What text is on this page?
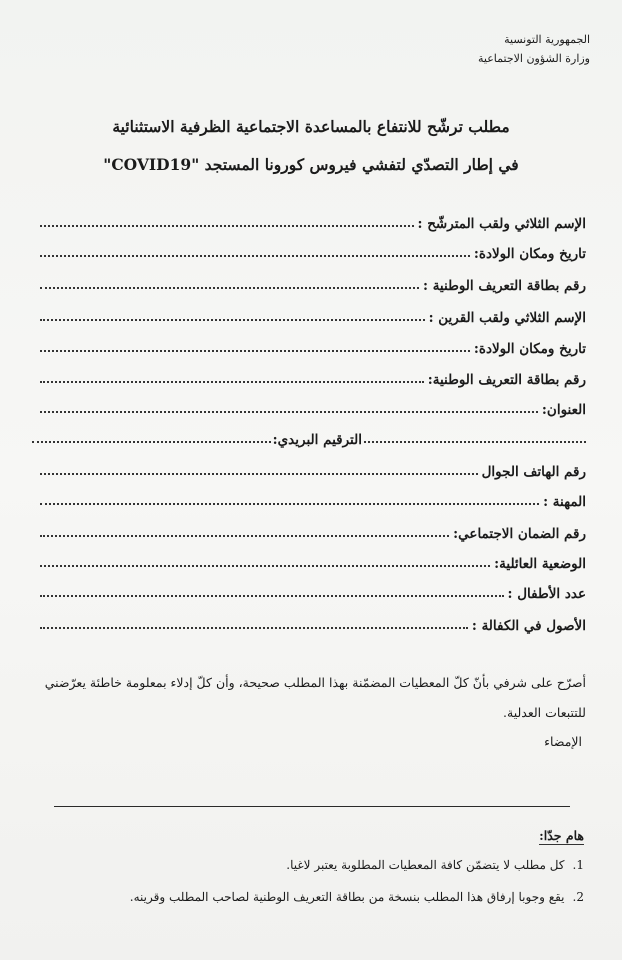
الجمهورية التونسية
وزارة الشؤون الاجتماعية
مطلب ترشّح للانتفاع بالمساعدة الاجتماعية الظرفية الاستثنائية
في إطار التصدّي لتفشي فيروس كورونا المستجد "COVID19"
الإسم الثلاثي ولقب المترشّح :
تاريخ ومكان الولادة:
رقم بطاقة التعريف الوطنية :
الإسم الثلاثي ولقب القرين :
تاريخ ومكان الولادة:
رقم بطاقة التعريف الوطنية:
العنوان:
الترقيم البريدي:
رقم الهاتف الجوال
المهنة :
رقم الضمان الاجتماعي:
الوضعية العائلية:
عدد الأطفال :
الأصول في الكفالة :
أصرّح على شرفي بأنّ كلّ المعطيات المضمّنة بهذا المطلب صحيحة، وأن كلّ إدلاء بمعلومة خاطئة يعرّضني للتتبعات العدلية.
الإمضاء
هام جدّا:
1.كل مطلب لا يتضمّن كافة المعطيات المطلوبة يعتبر لاغيا.
2.يقع وجوبا إرفاق هذا المطلب بنسخة من بطاقة التعريف الوطنية لصاحب المطلب وقرينه.
